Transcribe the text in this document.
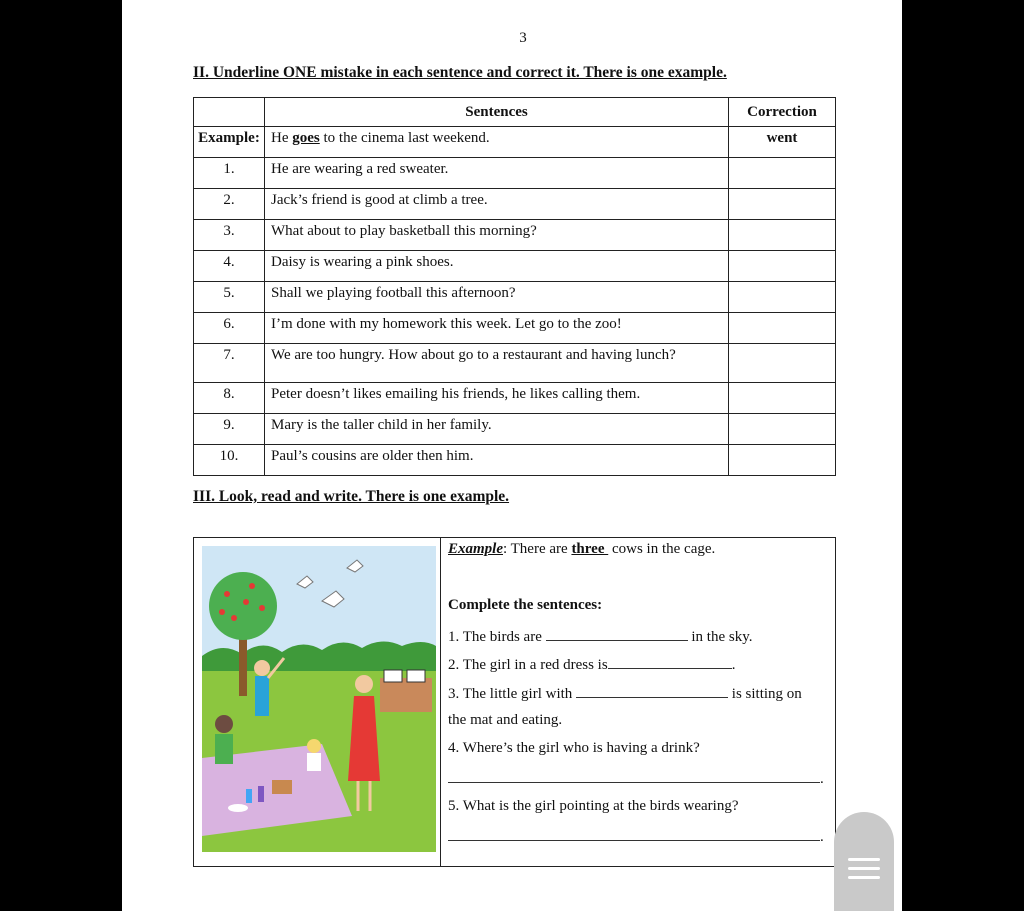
3
II. Underline ONE mistake in each sentence and correct it. There is one example.
	Sentences	Correction
Example:	He goes to the cinema last weekend.	went
1.	He are wearing a red sweater.	
2.	Jack’s friend is good at climb a tree.	
3.	What about to play basketball this morning?	
4.	Daisy is wearing a pink shoes.	
5.	Shall we playing football this afternoon?	
6.	I’m done with my homework this week. Let go to the zoo!	
7.	We are too hungry. How about go to a restaurant and having lunch?	
8.	Peter doesn’t likes emailing his friends, he likes calling them.	
9.	Mary is the taller child in her family.	
10.	Paul’s cousins are older then him.	
III. Look, read and write. There is one example.
Example: There are three  cows in the cage.
Complete the sentences:
1. The birds are	in the sky.
2. The girl in a red dress is	.
3. The little girl with	is sitting on
the mat and eating.
4. Where’s the girl who is having a drink?
.
5. What is the girl pointing at the birds wearing?
.
